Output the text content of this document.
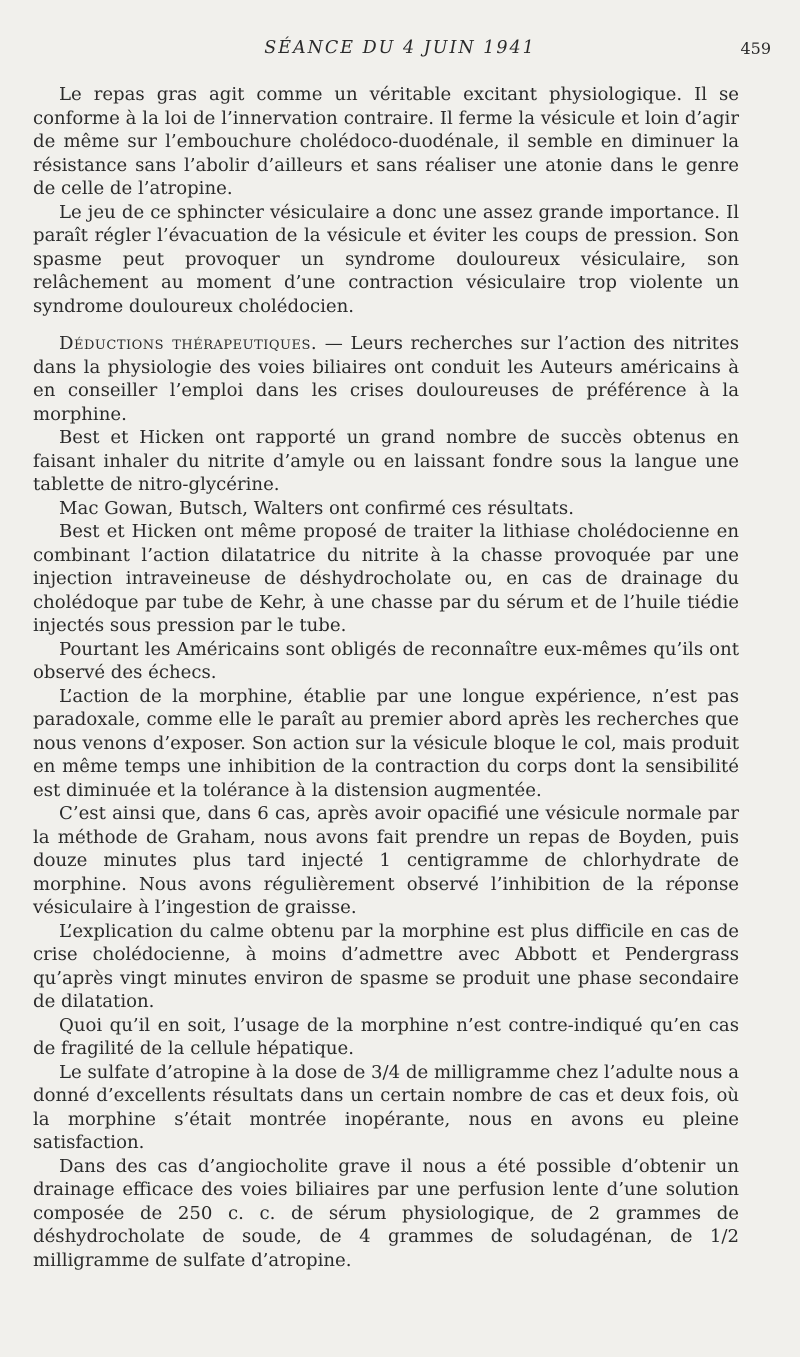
SÉANCE DU 4 JUIN 1941	459

Le repas gras agit comme un véritable excitant physiologique. Il se conforme à la loi de l’innervation contraire. Il ferme la vésicule et loin d’agir de même sur l’embouchure cholédoco-duodénale, il semble en diminuer la résistance sans l’abolir d’ailleurs et sans réaliser une atonie dans le genre de celle de l’atropine.

Le jeu de ce sphincter vésiculaire a donc une assez grande importance. Il paraît régler l’évacuation de la vésicule et éviter les coups de pression. Son spasme peut provoquer un syndrome douloureux vésiculaire, son relâchement au moment d’une contraction vésiculaire trop violente un syndrome douloureux cholédocien.

Déductions thérapeutiques. — Leurs recherches sur l’action des nitrites dans la physiologie des voies biliaires ont conduit les Auteurs américains à en conseiller l’emploi dans les crises douloureuses de préférence à la morphine.

Best et Hicken ont rapporté un grand nombre de succès obtenus en faisant inhaler du nitrite d’amyle ou en laissant fondre sous la langue une tablette de nitro-glycérine.

Mac Gowan, Butsch, Walters ont confirmé ces résultats.

Best et Hicken ont même proposé de traiter la lithiase cholédocienne en combinant l’action dilatatrice du nitrite à la chasse provoquée par une injection intraveineuse de déshydrocholate ou, en cas de drainage du cholédoque par tube de Kehr, à une chasse par du sérum et de l’huile tiédie injectés sous pression par le tube.

Pourtant les Américains sont obligés de reconnaître eux-mêmes qu’ils ont observé des échecs.

L’action de la morphine, établie par une longue expérience, n’est pas paradoxale, comme elle le paraît au premier abord après les recherches que nous venons d’exposer. Son action sur la vésicule bloque le col, mais produit en même temps une inhibition de la contraction du corps dont la sensibilité est diminuée et la tolérance à la distension augmentée.

C’est ainsi que, dans 6 cas, après avoir opacifié une vésicule normale par la méthode de Graham, nous avons fait prendre un repas de Boyden, puis douze minutes plus tard injecté 1 centigramme de chlorhydrate de morphine. Nous avons régulièrement observé l’inhibition de la réponse vésiculaire à l’ingestion de graisse.

L’explication du calme obtenu par la morphine est plus difficile en cas de crise cholédocienne, à moins d’admettre avec Abbott et Pendergrass qu’après vingt minutes environ de spasme se produit une phase secondaire de dilatation.

Quoi qu’il en soit, l’usage de la morphine n’est contre-indiqué qu’en cas de fragilité de la cellule hépatique.

Le sulfate d’atropine à la dose de 3/4 de milligramme chez l’adulte nous a donné d’excellents résultats dans un certain nombre de cas et deux fois, où la morphine s’était montrée inopérante, nous en avons eu pleine satisfaction.

Dans des cas d’angiocholite grave il nous a été possible d’obtenir un drainage efficace des voies biliaires par une perfusion lente d’une solution composée de 250 c. c. de sérum physiologique, de 2 grammes de déshydrocholate de soude, de 4 grammes de soludagénan, de 1/2 milligramme de sulfate d’atropine.
